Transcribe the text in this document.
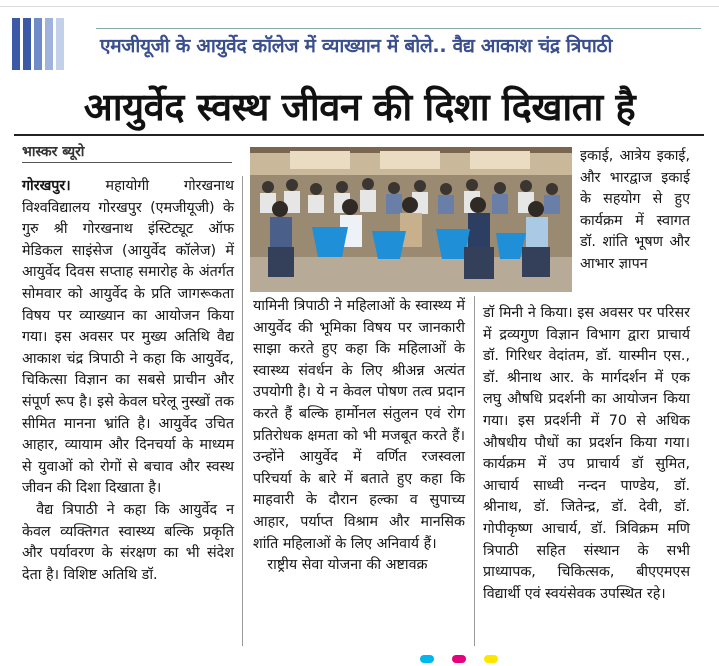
एमजीयूजी के आयुर्वेद कॉलेज में व्याख्यान में बोले.. वैद्य आकाश चंद्र त्रिपाठी
आयुर्वेद स्वस्थ जीवन की दिशा दिखाता है
भास्कर ब्यूरो

गोरखपुर। महायोगी गोरखनाथ विश्वविद्यालय गोरखपुर (एमजीयूजी) के गुरु श्री गोरखनाथ इंस्टिट्यूट ऑफ मेडिकल साइंसेज (आयुर्वेद कॉलेज) में आयुर्वेद दिवस सप्ताह समारोह के अंतर्गत सोमवार को आयुर्वेद के प्रति जागरूकता विषय पर व्याख्यान का आयोजन किया गया। इस अवसर पर मुख्य अतिथि वैद्य आकाश चंद्र त्रिपाठी ने कहा कि आयुर्वेद, चिकित्सा विज्ञान का सबसे प्राचीन और संपूर्ण रूप है। इसे केवल घरेलू नुस्खों तक सीमित मानना भ्रांति है। आयुर्वेद उचित आहार, व्यायाम और दिनचर्या के माध्यम से युवाओं को रोगों से बचाव और स्वस्थ जीवन की दिशा दिखाता है।

वैद्य त्रिपाठी ने कहा कि आयुर्वेद न केवल व्यक्तिगत स्वास्थ्य बल्कि प्रकृति और पर्यावरण के संरक्षण का भी संदेश देता है। विशिष्ट अतिथि डॉ.

यामिनी त्रिपाठी ने महिलाओं के स्वास्थ्य में आयुर्वेद की भूमिका विषय पर जानकारी साझा करते हुए कहा कि महिलाओं के स्वास्थ्य संवर्धन के लिए श्रीअन्न अत्यंत उपयोगी है। ये न केवल पोषण तत्व प्रदान करते हैं बल्कि हार्मोनल संतुलन एवं रोग प्रतिरोधक क्षमता को भी मजबूत करते हैं। उन्होंने आयुर्वेद में वर्णित रजस्वला परिचर्या के बारे में बताते हुए कहा कि माहवारी के दौरान हल्का व सुपाच्य आहार, पर्याप्त विश्राम और मानसिक शांति महिलाओं के लिए अनिवार्य हैं।

राष्ट्रीय सेवा योजना की अष्टावक्र

इकाई, आत्रेय इकाई, और भारद्वाज इकाई के सहयोग से हुए कार्यक्रम में स्वागत डॉ. शांति भूषण और आभार ज्ञापन
डॉ मिनी ने किया। इस अवसर पर परिसर में द्रव्यगुण विज्ञान विभाग द्वारा प्राचार्य डॉ. गिरिधर वेदांतम, डॉ. यास्मीन एस., डॉ. श्रीनाथ आर. के मार्गदर्शन में एक लघु औषधि प्रदर्शनी का आयोजन किया गया। इस प्रदर्शनी में 70 से अधिक औषधीय पौधों का प्रदर्शन किया गया। कार्यक्रम में उप प्राचार्य डॉ सुमित, आचार्य साध्वी नन्दन पाण्डेय, डॉ. श्रीनाथ, डॉ. जितेन्द्र, डॉ. देवी, डॉ. गोपीकृष्ण आचार्य, डॉ. त्रिविक्रम मणि त्रिपाठी सहित संस्थान के सभी प्राध्यापक, चिकित्सक, बीएएमएस विद्यार्थी एवं स्वयंसेवक उपस्थित रहे।
